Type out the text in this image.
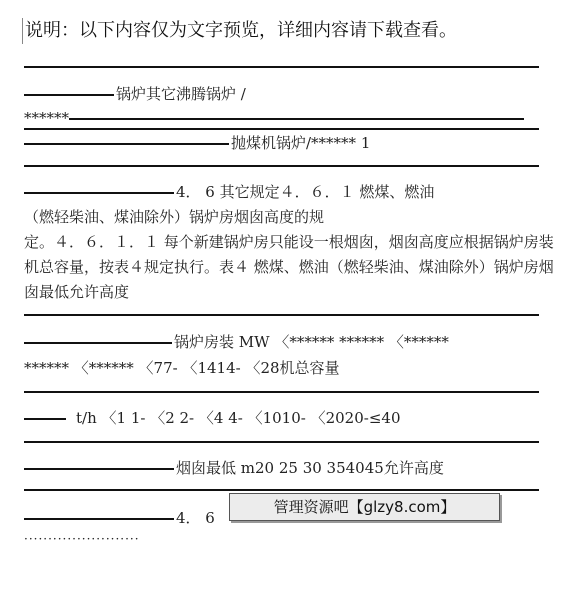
说明：以下内容仅为文字预览，详细内容请下载查看。
锅炉其它沸腾锅炉 /
******
抛煤机锅炉/****** 1
4． 6 其它规定４．６．１ 燃煤、燃油
（燃轻柴油、煤油除外）锅炉房烟囱高度的规
定。４．６．１．１ 每个新建锅炉房只能设一根烟囱，烟囱高度应根据锅炉房装机总容量，按表４规定执行。表４ 燃煤、燃油（燃轻柴油、煤油除外）锅炉房烟囱最低允许高度
锅炉房装 MW 〈****** ****** 〈******
****** 〈****** 〈77- 〈1414- 〈28机总容量
t/h 〈1 1- 〈2 2- 〈4 4- 〈1010- 〈2020-≤40
烟囱最低 m20 25 30 354045允许高度
4． 6
管理资源吧【glzy8.com】
························
